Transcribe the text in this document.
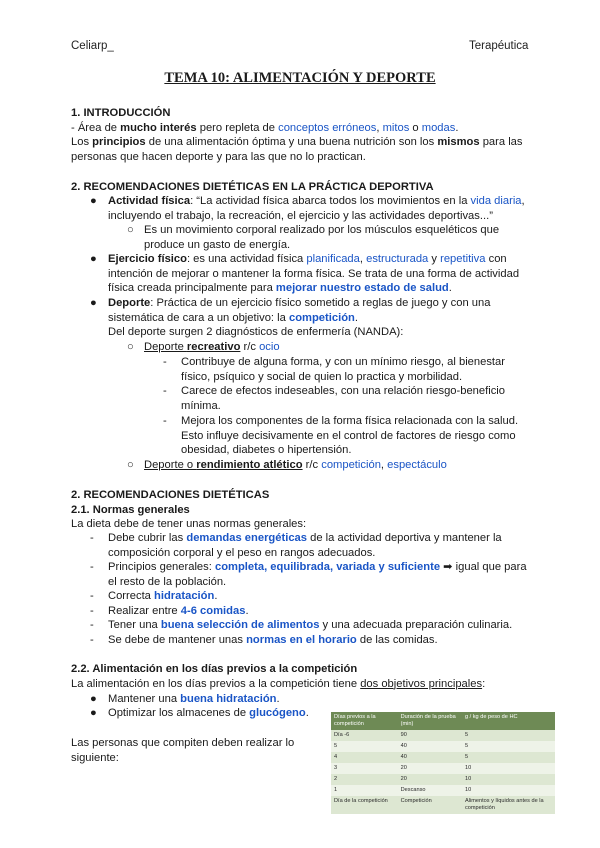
Celiarp_	Terapéutica
TEMA 10: ALIMENTACIÓN Y DEPORTE

1. INTRODUCCIÓN

- Área de mucho interés pero repleta de conceptos erróneos, mitos o modas.

Los principios de una alimentación óptima y una buena nutrición son los mismos para las

personas que hacen deporte y para las que no lo practican.

2. RECOMENDACIONES DIETÉTICAS EN LA PRÁCTICA DEPORTIVA
● Actividad física: “La actividad física abarca todos los movimientos en la vida diaria,

incluyendo el trabajo, la recreación, el ejercicio y las actividades deportivas...”

○ Es un movimiento corporal realizado por los músculos esqueléticos que

produce un gasto de energía.

● Ejercicio físico: es una actividad física planificada, estructurada y repetitiva con

intención de mejorar o mantener la forma física. Se trata de una forma de actividad

física creada principalmente para mejorar nuestro estado de salud.

● Deporte: Práctica de un ejercicio físico sometido a reglas de juego y con una

sistemática de cara a un objetivo: la competición.

Del deporte surgen 2 diagnósticos de enfermería (NANDA):

○ Deporte recreativo r/c ocio

- Contribuye de alguna forma, y con un mínimo riesgo, al bienestar

físico, psíquico y social de quien lo practica y morbilidad.

- Carece de efectos indeseables, con una relación riesgo-beneficio

mínima.

- Mejora los componentes de la forma física relacionada con la salud.

Esto influye decisivamente en el control de factores de riesgo como

obesidad, diabetes o hipertensión.

○ Deporte o rendimiento atlético r/c competición, espectáculo

2. RECOMENDACIONES DIETÉTICAS

2.1. Normas generales

La dieta debe de tener unas normas generales:

- Debe cubrir las demandas energéticas de la actividad deportiva y mantener la

composición corporal y el peso en rangos adecuados.

- Principios generales: completa, equilibrada, variada y suficiente ➡ igual que para

el resto de la población.

- Correcta hidratación.

- Realizar entre 4-6 comidas.

- Tener una buena selección de alimentos y una adecuada preparación culinaria.

- Se debe de mantener unas normas en el horario de las comidas.

2.2. Alimentación en los días previos a la competición

La alimentación en los días previos a la competición tiene dos objetivos principales:

● Mantener una buena hidratación.

● Optimizar los almacenes de glucógeno.

Las personas que compiten deben realizar lo

siguiente:

Días previos a la competición	Duración de la prueba (min)	g / kg de peso de HC
Día -6	90	5
5	40	5
4	40	5
3	20	10
2	20	10
1	Descanso	10
Día de la competición	Competición	Alimentos y líquidos antes de la competición
